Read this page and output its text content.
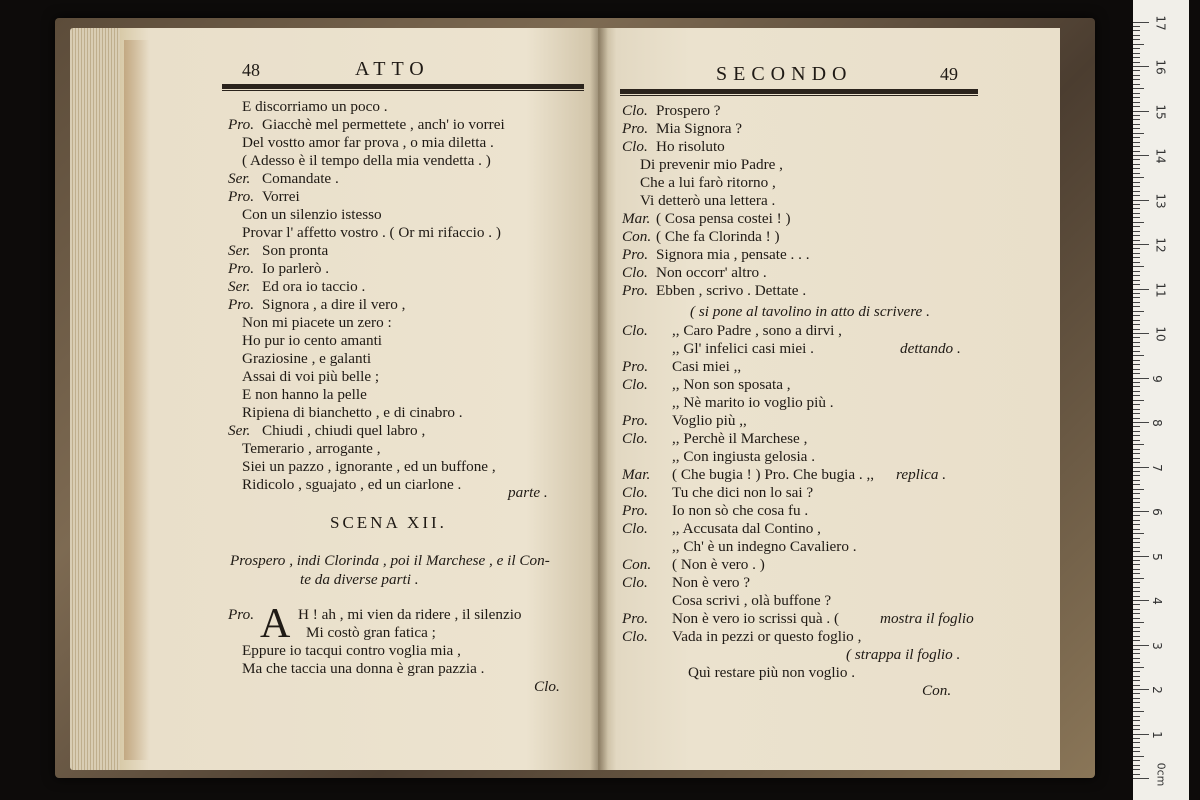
48	ATTO
E discorriamo un poco .
Pro. Giacchè mel permettete , anch' io vorrei
Del vostto amor far prova , o mia diletta .
( Adesso è il tempo della mia vendetta . )
Ser. Comandate .
Pro. Vorrei
Con un silenzio istesso
Provar l' affetto vostro . ( Or mi rifaccio . )
Ser. Son pronta
Pro. Io parlerò .
Ser. Ed ora io taccio .
Pro. Signora , a dire il vero ,
Non mi piacete un zero :
Ho pur io cento amanti
Graziosine , e galanti
Assai di voi più belle ;
E non hanno la pelle
Ripiena di bianchetto , e di cinabro .
Ser. Chiudi , chiudi quel labro ,
Temerario , arrogante ,
Siei un pazzo , ignorante , ed un buffone ,
Ridicolo , sguajato , ed un ciarlone .	parte .
SCENA XII.
Prospero , indi Clorinda , poi il Marchese , e il Con-
te da diverse parti .
Pro. A H ! ah , mi vien da ridere , il silenzio
Mi costò gran fatica ;
Eppure io tacqui contro voglia mia ,
Ma che taccia una donna è gran pazzia .
Clo.
SECONDO	49
Clo. Prospero ?
Pro. Mia Signora ?
Clo. Ho risoluto
Di prevenir mio Padre ,
Che a lui farò ritorno ,
Vi detterò una lettera .
Mar. ( Cosa pensa costei ! )
Con. ( Che fa Clorinda ! )
Pro. Signora mia , pensate . . .
Clo. Non occorr' altro .
Pro. Ebben , scrivo . Dettate .
( si pone al tavolino in atto di scrivere .
Clo. ,, Caro Padre , sono a dirvi ,
,, Gl' infelici casi miei .
Pro. Casi miei ,,
Clo. ,, Non son sposata ,
,, Nè marito io voglio più .
Pro. Voglio più ,,
Clo. ,, Perchè il Marchese ,
,, Con ingiusta gelosia .
Mar. ( Che bugia ! ) Pro. Che bugia . ,,
Clo. Tu che dici non lo sai ?
Pro. Io non sò che cosa fu .
Clo. ,, Accusata dal Contino ,
,, Ch' è un indegno Cavaliero .
Con. ( Non è vero . )
Clo. Non è vero ?
Cosa scrivi , olà buffone ?
Pro. Non è vero io scrissi quà . (
Clo. Vada in pezzi or questo foglio ,
dettando .
replica .
mostra il foglio
( strappa il foglio .
Quì restare più non voglio .
Con.
17
16
15
14
13
12
11
10
9
8
7
6
5
4
3
2
1
0cm
